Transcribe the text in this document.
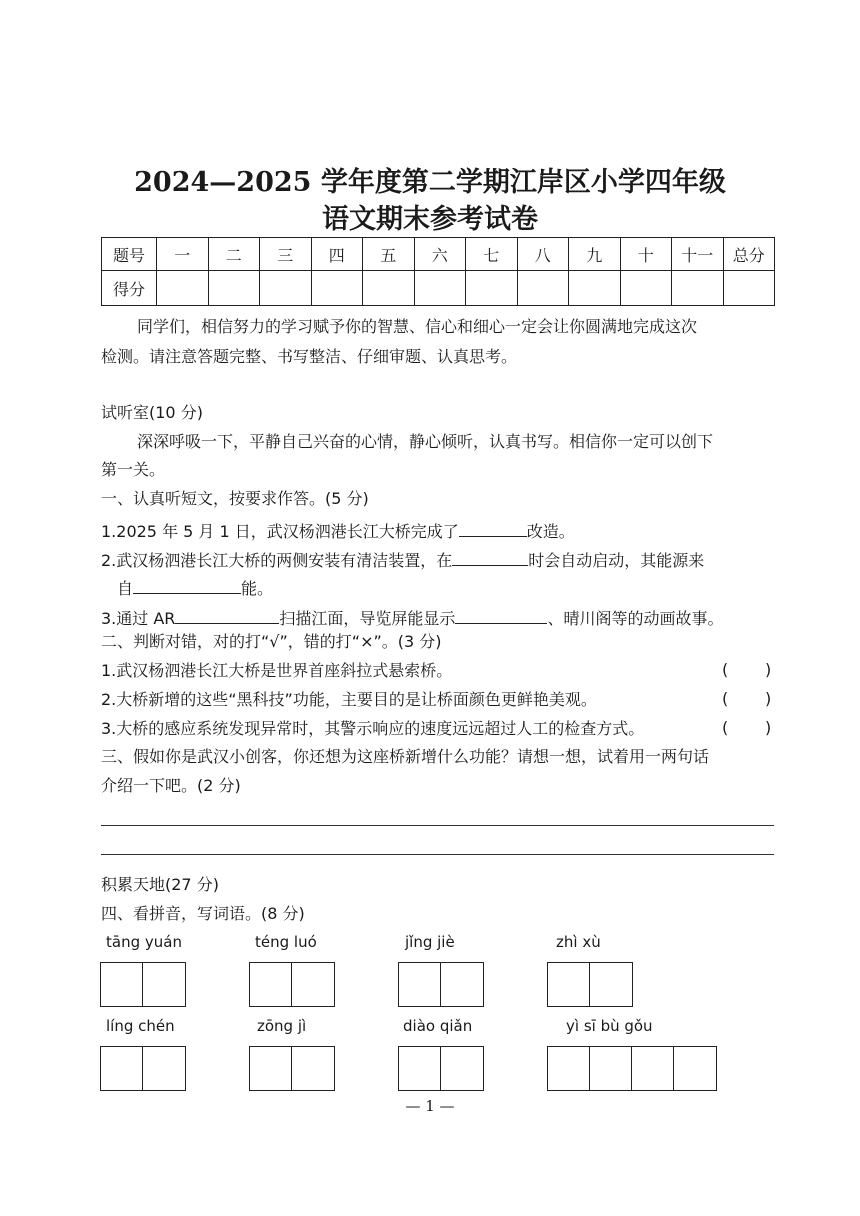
2024—2025 学年度第二学期江岸区小学四年级
语文期末参考试卷
题号	一	二	三	四	五	六	七	八	九	十	十一	总分
得分												
同学们，相信努力的学习赋予你的智慧、信心和细心一定会让你圆满地完成这次
检测。请注意答题完整、书写整洁、仔细审题、认真思考。
试听室(10 分)
深深呼吸一下，平静自己兴奋的心情，静心倾听，认真书写。相信你一定可以创下
第一关。
一、认真听短文，按要求作答。(5 分)
1.2025 年 5 月 1 日，武汉杨泗港长江大桥完成了	改造。
2.武汉杨泗港长江大桥的两侧安装有清洁装置，在	时会自动启动，其能源来
自	能。
3.通过 AR	扫描江面，导览屏能显示	、晴川阁等的动画故事。
二、判断对错，对的打“√”，错的打“×”。(3 分)
1.武汉杨泗港长江大桥是世界首座斜拉式悬索桥。	( )
2.大桥新增的这些“黑科技”功能，主要目的是让桥面颜色更鲜艳美观。	( )
3.大桥的感应系统发现异常时，其警示响应的速度远远超过人工的检查方式。	( )
三、假如你是武汉小创客，你还想为这座桥新增什么功能？请想一想，试着用一两句话
介绍一下吧。(2 分)
积累天地(27 分)
四、看拼音，写词语。(8 分)
tāng yuán	téng luó	jǐng jiè	zhì xù
líng chén	zōng jì	diào qiǎn	yì sī bù gǒu
— 1 —
